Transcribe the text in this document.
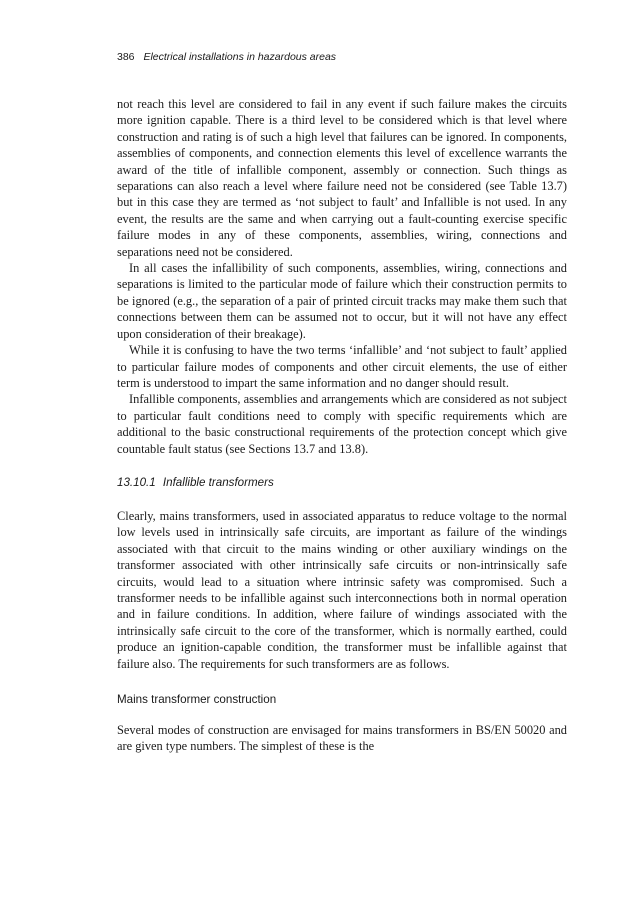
386 Electrical installations in hazardous areas

not reach this level are considered to fail in any event if such failure makes the circuits more ignition capable. There is a third level to be considered which is that level where construction and rating is of such a high level that failures can be ignored. In components, assemblies of components, and connection elements this level of excellence warrants the award of the title of infallible component, assembly or connection. Such things as separations can also reach a level where failure need not be considered (see Table 13.7) but in this case they are termed as ‘not subject to fault’ and Infallible is not used. In any event, the results are the same and when carrying out a fault-counting exercise specific failure modes in any of these components, assemblies, wiring, connections and separations need not be considered.

In all cases the infallibility of such components, assemblies, wiring, connections and separations is limited to the particular mode of failure which their construction permits to be ignored (e.g., the separation of a pair of printed circuit tracks may make them such that connections between them can be assumed not to occur, but it will not have any effect upon consideration of their breakage).

While it is confusing to have the two terms ‘infallible’ and ‘not subject to fault’ applied to particular failure modes of components and other circuit elements, the use of either term is understood to impart the same information and no danger should result.

Infallible components, assemblies and arrangements which are considered as not subject to particular fault conditions need to comply with specific requirements which are additional to the basic constructional requirements of the protection concept which give countable fault status (see Sections 13.7 and 13.8).

13.10.1 Infallible transformers

Clearly, mains transformers, used in associated apparatus to reduce voltage to the normal low levels used in intrinsically safe circuits, are important as failure of the windings associated with that circuit to the mains winding or other auxiliary windings on the transformer associated with other intrinsically safe circuits or non-intrinsically safe circuits, would lead to a situation where intrinsic safety was compromised. Such a transformer needs to be infallible against such interconnections both in normal operation and in failure conditions. In addition, where failure of windings associated with the intrinsically safe circuit to the core of the transformer, which is normally earthed, could produce an ignition-capable condition, the transformer must be infallible against that failure also. The requirements for such transformers are as follows.

Mains transformer construction

Several modes of construction are envisaged for mains transformers in BS/EN 50020 and are given type numbers. The simplest of these is the
